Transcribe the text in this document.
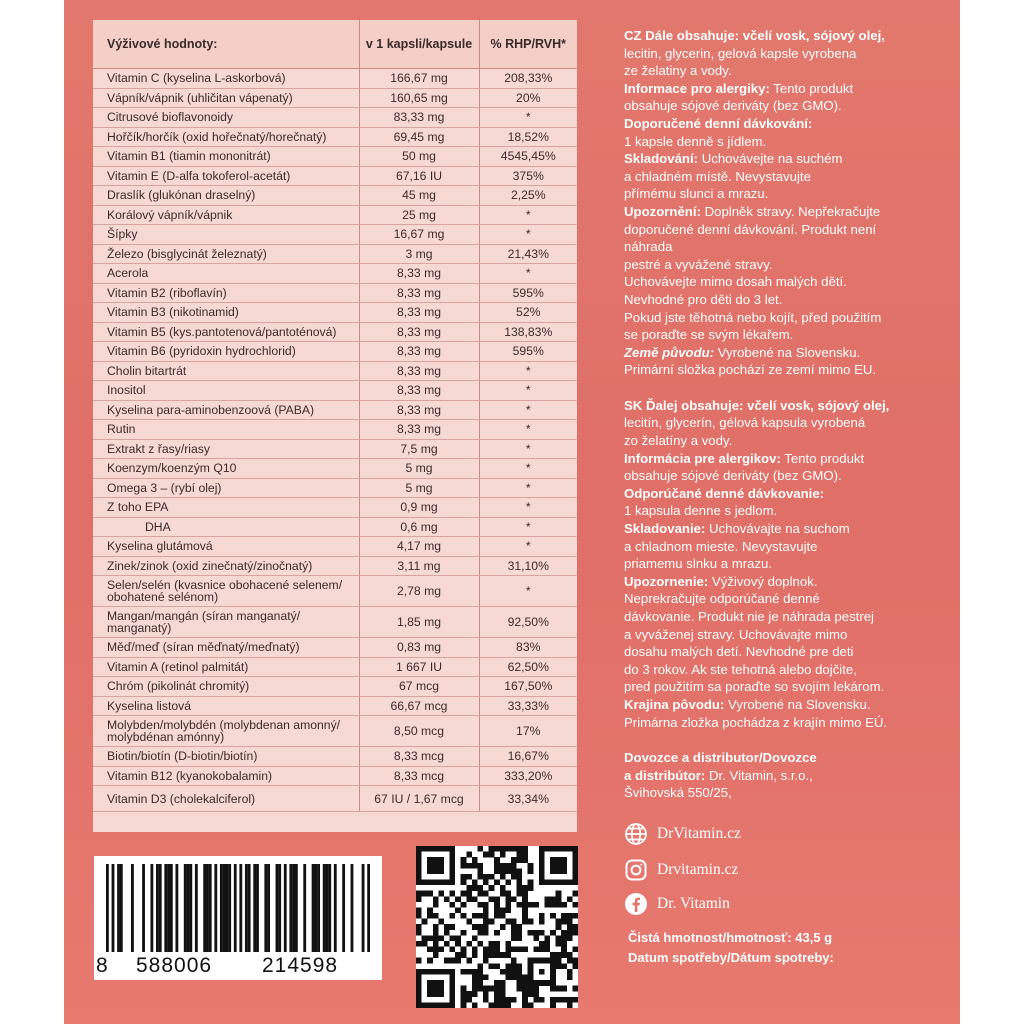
Výživové hodnoty:	v 1 kapsli/kapsule	% RHP/RVH*
Vitamin C (kyselina L-askorbová)	166,67 mg	208,33%
Vápník/vápnik (uhličitan vápenatý)	160,65 mg	20%
Citrusové bioflavonoidy	83,33 mg	*
Hořčík/horčík (oxid hořečnatý/horečnatý)	69,45 mg	18,52%
Vitamin B1 (tiamin mononitrát)	50 mg	4545,45%
Vitamin E (D-alfa tokoferol-acetát)	67,16 IU	375%
Draslík (glukónan draselný)	45 mg	2,25%
Korálový vápník/vápnik	25 mg	*
Šípky	16,67 mg	*
Železo (bisglycinát železnatý)	3 mg	21,43%
Acerola	8,33 mg	*
Vitamin B2 (riboflavín)	8,33 mg	595%
Vitamin B3 (nikotinamid)	8,33 mg	52%
Vitamin B5 (kys.pantotenová/pantoténová)	8,33 mg	138,83%
Vitamin B6 (pyridoxin hydrochlorid)	8,33 mg	595%
Cholin bitartrát	8,33 mg	*
Inositol	8,33 mg	*
Kyselina para-aminobenzoová (PABA)	8,33 mg	*
Rutin	8,33 mg	*
Extrakt z řasy/riasy	7,5 mg	*
Koenzym/koenzým Q10	5 mg	*
Omega 3 – (rybí olej)	5 mg	*
Z toho EPA	0,9 mg	*
DHA	0,6 mg	*
Kyselina glutámová	4,17 mg	*
Zinek/zinok (oxid zinečnatý/zinočnatý)	3,11 mg	31,10%
Selen/selén (kvasnice obohacené selenem/ obohatené selénom)	2,78 mg	*
Mangan/mangán (síran manganatý/ manganatý)	1,85 mg	92,50%
Měď/meď (síran měďnatý/meďnatý)	0,83 mg	83%
Vitamin A (retinol palmitát)	1 667 IU	62,50%
Chróm (pikolinát chromitý)	67 mcg	167,50%
Kyselina listová	66,67 mcg	33,33%
Molybden/molybdén (molybdenan amonný/ molybdénan amónny)	8,50 mcg	17%
Biotin/biotín (D-biotin/biotín)	8,33 mcg	16,67%
Vitamin B12 (kyanokobalamin)	8,33 mcg	333,20%
Vitamin D3 (cholekalciferol)	67 IU / 1,67 mcg	33,34%
8 588006 214598

CZ Dále obsahuje: včelí vosk, sójový olej,

lecitin, glycerin, gelová kapsle vyrobena

ze želatiny a vody.

Informace pro alergiky: Tento produkt

obsahuje sójové deriváty (bez GMO).

Doporučené denní dávkování:

1 kapsle denně s jídlem.

Skladování: Uchovávejte na suchém

a chladném místě. Nevystavujte

přímému slunci a mrazu.

Upozornění: Doplněk stravy. Nepřekračujte

doporučené denní dávkování. Produkt není

náhrada

pestré a vyvážené stravy.

Uchovávejte mimo dosah malých dětí.

Nevhodné pro děti do 3 let.

Pokud jste těhotná nebo kojít, před použitím

se poraďte se svým lékařem.

Země původu: Vyrobené na Slovensku.

Primární složka pochází ze zemí mimo EU.

SK Ďalej obsahuje: včelí vosk, sójový olej,

lecitín, glycerín, gélová kapsula vyrobená

zo želatíny a vody.

Informácia pre alergikov: Tento produkt

obsahuje sójové deriváty (bez GMO).

Odporúčané denné dávkovanie:

1 kapsula denne s jedlom.

Skladovanie: Uchovávajte na suchom

a chladnom mieste. Nevystavujte

priamemu slnku a mrazu.

Upozornenie: Výživový doplnok.

Neprekračujte odporúčané denné

dávkovanie. Produkt nie je náhrada pestrej

a vyváženej stravy. Uchovávajte mimo

dosahu malých detí. Nevhodné pre deti

do 3 rokov. Ak ste tehotná alebo dojčite,

pred použitím sa poraďte so svojím lekárom.

Krajina pôvodu: Vyrobené na Slovensku.

Primárna zložka pochádza z krajín mimo EÚ.

Dovozce a distributor/Dovozce

a distribútor: Dr. Vitamin, s.r.o.,

Švihovská 550/25,

DrVitamin.cz
Drvitamin.cz
Dr. Vitamin
Čistá hmotnost/hmotnosť: 43,5 g
Datum spotřeby/Dátum spotreby:
